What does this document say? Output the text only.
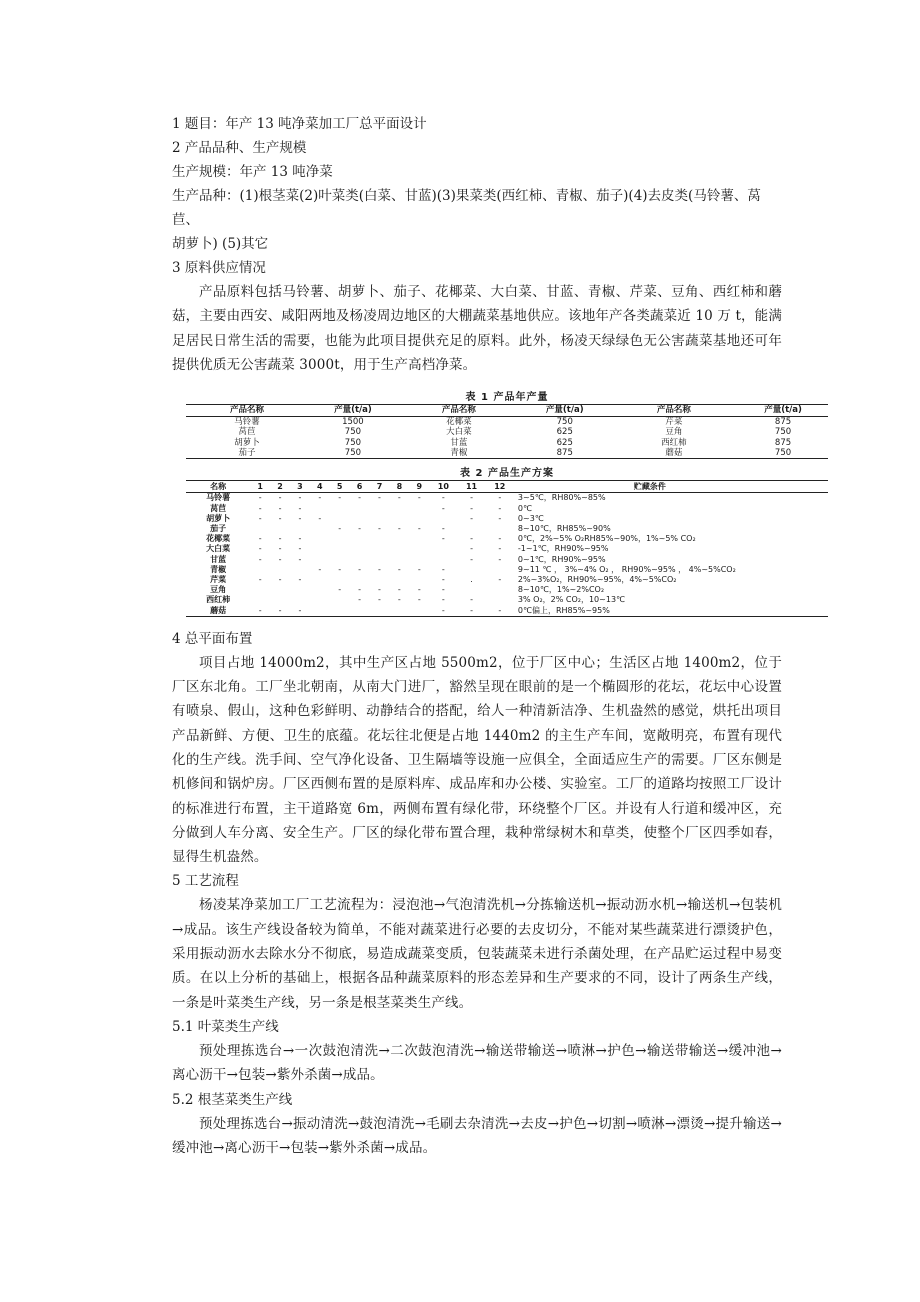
1 题目：年产 13 吨净菜加工厂总平面设计

2 产品品种、生产规模

生产规模：年产 13 吨净菜

生产品种：(1)根茎菜(2)叶菜类(白菜、甘蓝)(3)果菜类(西红柿、青椒、茄子)(4)去皮类(马铃薯、莴苣、

胡萝卜) (5)其它

3 原料供应情况

产品原料包括马铃薯、胡萝卜、茄子、花椰菜、大白菜、甘蓝、青椒、芹菜、豆角、西红柿和蘑菇，主要由西安、咸阳两地及杨凌周边地区的大棚蔬菜基地供应。该地年产各类蔬菜近 10 万 t，能满足居民日常生活的需要，也能为此项目提供充足的原料。此外，杨凌天绿绿色无公害蔬菜基地还可年提供优质无公害蔬菜 3000t，用于生产高档净菜。

表 1 产品年产量
产品名称	产量(t/a)	产品名称	产量(t/a)	产品名称	产量(t/a)
马铃薯	1500	花椰菜	750	芹菜	875
莴苣	750	大白菜	625	豆角	750
胡萝卜	750	甘蓝	625	西红柿	875
茄子	750	青椒	875	蘑菇	750
表 2 产品生产方案
名称	1	2	3	4	5	6	7	8	9	10	11	12	贮藏条件
马铃薯	-	-	-	-	-	-	-	-	-	-	-	-	3~5℃，RH80%~85%
莴苣	-	-	-							-	-	-	0℃
胡萝卜	-	-	-	-							-	-	0~3℃
茄子					-	-	-	-	-	-			8~10℃，RH85%~90%
花椰菜	-	-	-							-	-	-	0℃，2%~5% O₂RH85%~90%，1%~5% CO₂
大白菜	-	-	-								-	-	-1~1℃，RH90%~95%
甘蓝	-	-	-								-	-	0~1℃，RH90%~95%
青椒				-	-	-	-	-	-	-			9~11 ℃ ， 3%~4% O₂ ， RH90%~95% ， 4%~5%CO₂
芹菜	-	-	-							-	.	-	2%~3%O₂，RH90%~95%，4%~5%CO₂
豆角					-	-	-	-	-	-			8~10℃，1%~2%CO₂
西红柿						-	-	-	-	-	-		3% O₂，2% CO₂，10~13℃
蘑菇	-	-	-							-	-	-	0℃偏上，RH85%~95%

4 总平面布置

项目占地 14000m2，其中生产区占地 5500m2，位于厂区中心；生活区占地 1400m2，位于厂区东北角。工厂坐北朝南，从南大门进厂，豁然呈现在眼前的是一个椭圆形的花坛，花坛中心设置有喷泉、假山，这种色彩鲜明、动静结合的搭配，给人一种清新洁净、生机盎然的感觉，烘托出项目产品新鲜、方便、卫生的底蕴。花坛往北便是占地 1440m2 的主生产车间，宽敞明亮，布置有现代化的生产线。洗手间、空气净化设备、卫生隔墙等设施一应俱全，全面适应生产的需要。厂区东侧是机修间和锅炉房。厂区西侧布置的是原料库、成品库和办公楼、实验室。工厂的道路均按照工厂设计的标准进行布置，主干道路宽 6m，两侧布置有绿化带，环绕整个厂区。并设有人行道和缓冲区，充分做到人车分离、安全生产。厂区的绿化带布置合理，栽种常绿树木和草类，使整个厂区四季如春，显得生机盎然。

5 工艺流程

杨凌某净菜加工厂工艺流程为：浸泡池→气泡清洗机→分拣输送机→振动沥水机→输送机→包装机→成品。该生产线设备较为简单，不能对蔬菜进行必要的去皮切分，不能对某些蔬菜进行漂烫护色，采用振动沥水去除水分不彻底，易造成蔬菜变质，包装蔬菜未进行杀菌处理，在产品贮运过程中易变质。在以上分析的基础上，根据各品种蔬菜原料的形态差异和生产要求的不同，设计了两条生产线，一条是叶菜类生产线，另一条是根茎菜类生产线。

5.1 叶菜类生产线

预处理拣选台→一次鼓泡清洗→二次鼓泡清洗→输送带输送→喷淋→护色→输送带输送→缓冲池→离心沥干→包装→紫外杀菌→成品。

5.2 根茎菜类生产线

预处理拣选台→振动清洗→鼓泡清洗→毛刷去杂清洗→去皮→护色→切割→喷淋→漂烫→提升输送→缓冲池→离心沥干→包装→紫外杀菌→成品。
